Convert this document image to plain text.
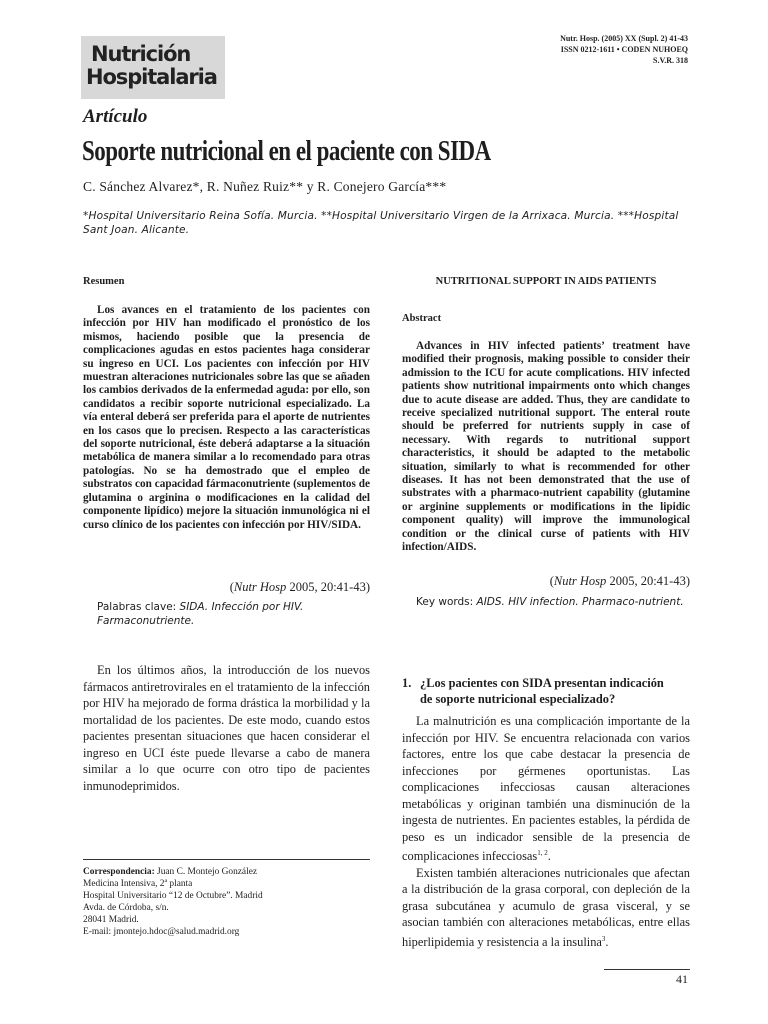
Nutrición
Hospitalaria
Nutr. Hosp. (2005) XX (Supl. 2) 41-43
ISSN 0212-1611 • CODEN NUHOEQ
S.V.R. 318
Artículo
Soporte nutricional en el paciente con SIDA
C. Sánchez Alvarez*, R. Nuñez Ruiz** y R. Conejero García***
*Hospital Universitario Reina Sofía. Murcia. **Hospital Universitario Virgen de la Arrixaca. Murcia. ***Hospital Sant Joan. Alicante.

Resumen

Los avances en el tratamiento de los pacientes con infección por HIV han modificado el pronóstico de los mismos, haciendo posible que la presencia de complicaciones agudas en estos pacientes haga considerar su ingreso en UCI. Los pacientes con infección por HIV muestran alteraciones nutricionales sobre las que se añaden los cambios derivados de la enfermedad aguda: por ello, son candidatos a recibir soporte nutricional especializado. La vía enteral deberá ser preferida para el aporte de nutrientes en los casos que lo precisen. Respecto a las características del soporte nutricional, éste deberá adaptarse a la situación metabólica de manera similar a lo recomendado para otras patologías. No se ha demostrado que el empleo de substratos con capacidad fármaconutriente (suplementos de glutamina o arginina o modificaciones en la calidad del componente lipídico) mejore la situación inmunológica ni el curso clínico de los pacientes con infección por HIV/SIDA.

(Nutr Hosp 2005, 20:41-43)
Palabras clave: SIDA. Infección por HIV. Farmaconutriente.

NUTRITIONAL SUPPORT IN AIDS PATIENTS

Abstract

Advances in HIV infected patients’ treatment have modified their prognosis, making possible to consider their admission to the ICU for acute complications. HIV infected patients show nutritional impairments onto which changes due to acute disease are added. Thus, they are candidate to receive specialized nutritional support. The enteral route should be preferred for nutrients supply in case of necessary. With regards to nutritional support characteristics, it should be adapted to the metabolic situation, similarly to what is recommended for other diseases. It has not been demonstrated that the use of substrates with a pharmaco-nutrient capability (glutamine or arginine supplements or modifications in the lipidic component quality) will improve the immunological condition or the clinical curse of patients with HIV infection/AIDS.

(Nutr Hosp 2005, 20:41-43)
Key words: AIDS. HIV infection. Pharmaco-nutrient.

En los últimos años, la introducción de los nuevos fármacos antiretrovirales en el tratamiento de la infección por HIV ha mejorado de forma drástica la morbilidad y la mortalidad de los pacientes. De este modo, cuando estos pacientes presentan situaciones que hacen considerar el ingreso en UCI éste puede llevarse a cabo de manera similar a lo que ocurre con otro tipo de pacientes inmunodeprimidos.

1. ¿Los pacientes con SIDA presentan indicación
de soporte nutricional especializado?

La malnutrición es una complicación importante de la infección por HIV. Se encuentra relacionada con varios factores, entre los que cabe destacar la presencia de infecciones por gérmenes oportunistas. Las complicaciones infecciosas causan alteraciones metabólicas y originan también una disminución de la ingesta de nutrientes. En pacientes estables, la pérdida de peso es un indicador sensible de la presencia de complicaciones infecciosas$^{1, 2}$.

Existen también alteraciones nutricionales que afectan a la distribución de la grasa corporal, con depleción de la grasa subcutánea y acumulo de grasa visceral, y se asocian también con alteraciones metabólicas, entre ellas hiperlipidemia y resistencia a la insulina$^3$.

Correspondencia: Juan C. Montejo González
Medicina Intensiva, 2ª planta
Hospital Universitario “12 de Octubre”. Madrid
Avda. de Córdoba, s/n.
28041 Madrid.
E-mail: jmontejo.hdoc@salud.madrid.org
41
